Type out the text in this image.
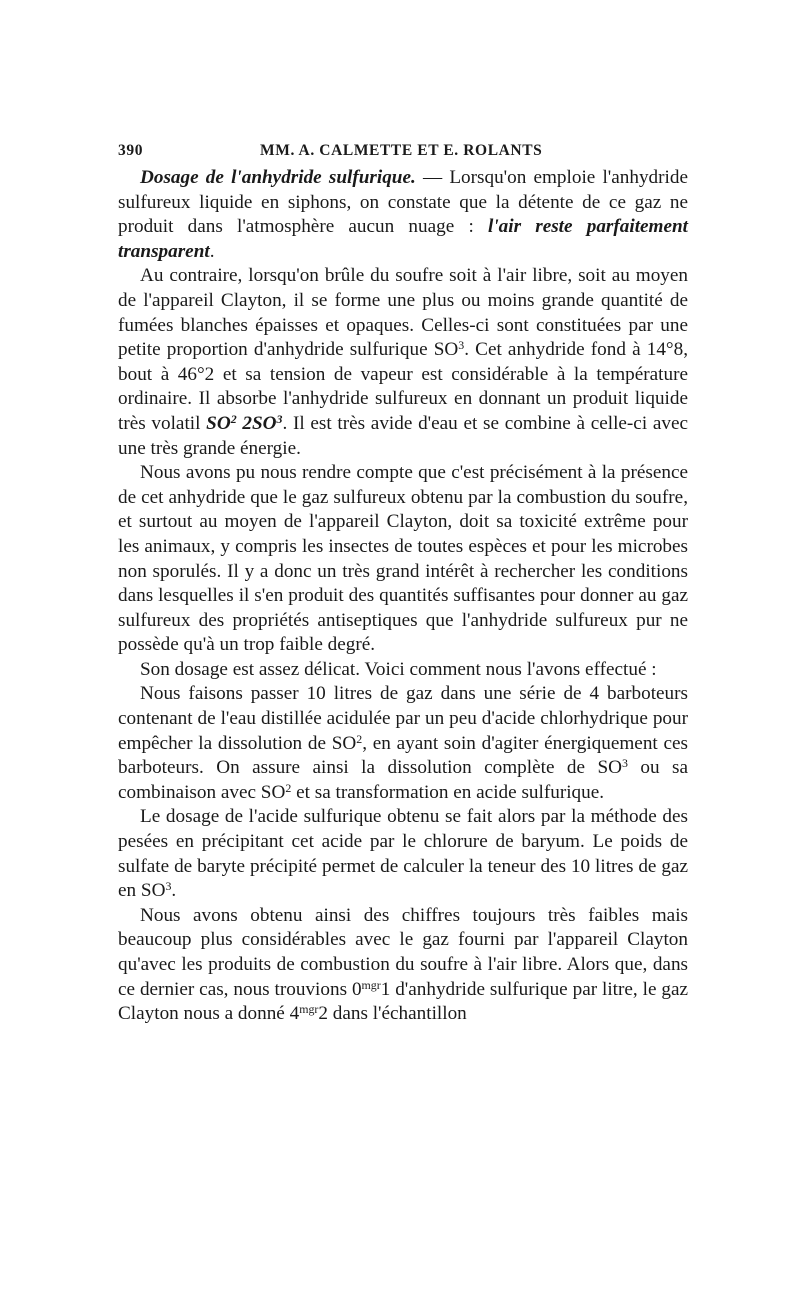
390	MM. A. CALMETTE ET E. ROLANTS

Dosage de l'anhydride sulfurique. — Lorsqu'on emploie l'anhydride sulfureux liquide en siphons, on constate que la détente de ce gaz ne produit dans l'atmosphère aucun nuage : l'air reste parfaitement transparent.

Au contraire, lorsqu'on brûle du soufre soit à l'air libre, soit au moyen de l'appareil Clayton, il se forme une plus ou moins grande quantité de fumées blanches épaisses et opaques. Celles-ci sont constituées par une petite proportion d'anhydride sulfurique $SO^3$. Cet anhydride fond à 14°8, bout à 46°2 et sa tension de vapeur est considérable à la température ordinaire. Il absorbe l'anhydride sulfureux en donnant un produit liquide très volatil $SO^2$ $2SO^3$. Il est très avide d'eau et se combine à celle-ci avec une très grande énergie.

Nous avons pu nous rendre compte que c'est précisément à la présence de cet anhydride que le gaz sulfureux obtenu par la combustion du soufre, et surtout au moyen de l'appareil Clayton, doit sa toxicité extrême pour les animaux, y compris les insectes de toutes espèces et pour les microbes non sporulés. Il y a donc un très grand intérêt à rechercher les conditions dans lesquelles il s'en produit des quantités suffisantes pour donner au gaz sulfureux des propriétés antiseptiques que l'anhydride sulfureux pur ne possède qu'à un trop faible degré.

Son dosage est assez délicat. Voici comment nous l'avons effectué :

Nous faisons passer 10 litres de gaz dans une série de 4 barboteurs contenant de l'eau distillée acidulée par un peu d'acide chlorhydrique pour empêcher la dissolution de $SO^2$, en ayant soin d'agiter énergiquement ces barboteurs. On assure ainsi la dissolution complète de $SO^3$ ou sa combinaison avec $SO^2$ et sa transformation en acide sulfurique.

Le dosage de l'acide sulfurique obtenu se fait alors par la méthode des pesées en précipitant cet acide par le chlorure de baryum. Le poids de sulfate de baryte précipité permet de calculer la teneur des 10 litres de gaz en $SO^3$.

Nous avons obtenu ainsi des chiffres toujours très faibles mais beaucoup plus considérables avec le gaz fourni par l'appareil Clayton qu'avec les produits de combustion du soufre à l'air libre. Alors que, dans ce dernier cas, nous trouvions $0^{mgr}1$ d'anhydride sulfurique par litre, le gaz Clayton nous a donné $4^{mgr}2$ dans l'échantillon
